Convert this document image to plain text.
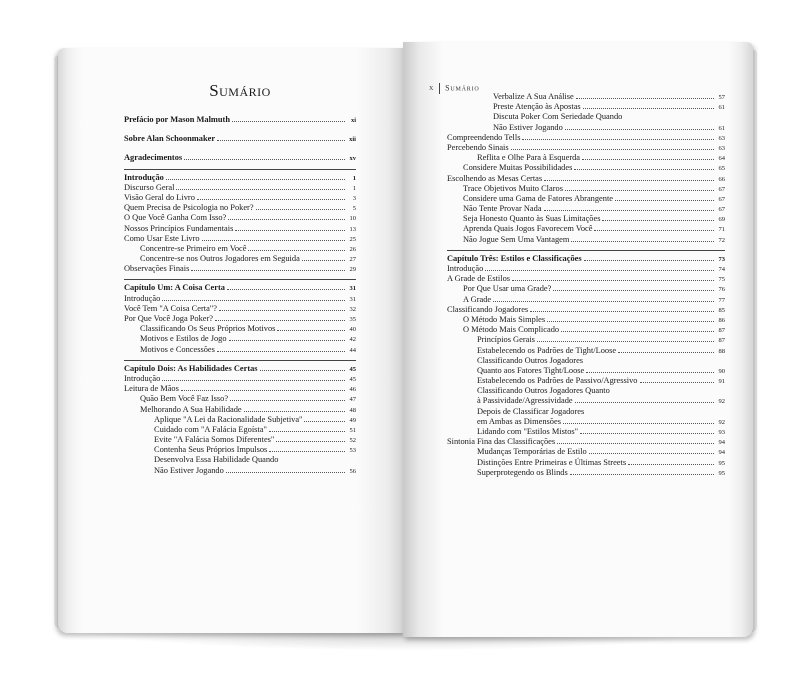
Sumário
Prefácio por Mason Malmuth	xi
Sobre Alan Schoonmaker	xii
Agradecimentos	xv
Introdução	1
Discurso Geral	1
Visão Geral do Livro	3
Quem Precisa de Psicologia no Poker?	5
O Que Você Ganha Com Isso?	10
Nossos Princípios Fundamentais	13
Como Usar Este Livro	25
Concentre-se Primeiro em Você	26
Concentre-se nos Outros Jogadores em Seguida	27
Observações Finais	29
Capítulo Um: A Coisa Certa	31
Introdução	31
Você Tem "A Coisa Certa"?	32
Por Que Você Joga Poker?	35
Classificando Os Seus Próprios Motivos	40
Motivos e Estilos de Jogo	42
Motivos e Concessões	44
Capítulo Dois: As Habilidades Certas	45
Introdução	45
Leitura de Mãos	46
Quão Bem Você Faz Isso?	47
Melhorando A Sua Habilidade	48
Aplique "A Lei da Racionalidade Subjetiva"	49
Cuidado com "A Falácia Egoísta"	51
Evite "A Falácia Somos Diferentes"	52
Contenha Seus Próprios Impulsos	53
Desenvolva Essa Habilidade Quando
Não Estiver Jogando	56
x Sumário
Verbalize A Sua Análise	57
Preste Atenção às Apostas	61
Discuta Poker Com Seriedade Quando
Não Estiver Jogando	61
Compreendendo Tells	63
Percebendo Sinais	63
Reflita e Olhe Para à Esquerda	64
Considere Muitas Possibilidades	65
Escolhendo as Mesas Certas	66
Trace Objetivos Muito Claros	67
Considere uma Gama de Fatores Abrangente	67
Não Tente Provar Nada	67
Seja Honesto Quanto às Suas Limitações	69
Aprenda Quais Jogos Favorecem Você	71
Não Jogue Sem Uma Vantagem	72
Capítulo Três: Estilos e Classificações	73
Introdução	74
A Grade de Estilos	75
Por Que Usar uma Grade?	76
A Grade	77
Classificando Jogadores	85
O Método Mais Simples	86
O Método Mais Complicado	87
Princípios Gerais	87
Estabelecendo os Padrões de Tight/Loose	88
Classificando Outros Jogadores
Quanto aos Fatores Tight/Loose	90
Estabelecendo os Padrões de Passivo/Agressivo	91
Classificando Outros Jogadores Quanto
à Passividade/Agressividade	92
Depois de Classificar Jogadores
em Ambas as Dimensões	92
Lidando com "Estilos Mistos"	93
Sintonia Fina das Classificações	94
Mudanças Temporárias de Estilo	94
Distinções Entre Primeiras e Últimas Streets	95
Superprotegendo os Blinds	95
